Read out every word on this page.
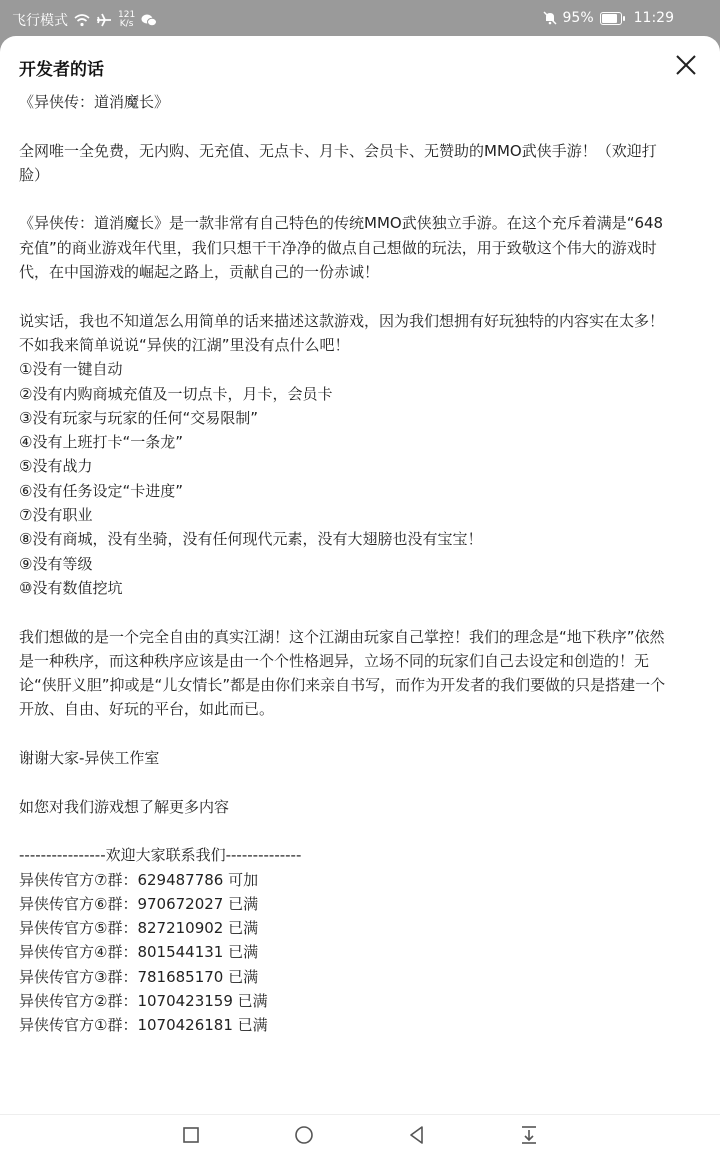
飞行模式	121
K/s	95%	11:29
开发者的话
《异侠传：道消魔长》
全网唯一全免费，无内购、无充值、无点卡、月卡、会员卡、无赞助的MMO武侠手游！（欢迎打
脸）
《异侠传：道消魔长》是一款非常有自己特色的传统MMO武侠独立手游。在这个充斥着满是“648
充值”的商业游戏年代里，我们只想干干净净的做点自己想做的玩法，用于致敬这个伟大的游戏时
代，在中国游戏的崛起之路上，贡献自己的一份赤诚！
说实话，我也不知道怎么用简单的话来描述这款游戏，因为我们想拥有好玩独特的内容实在太多！
不如我来简单说说“异侠的江湖”里没有点什么吧！
①没有一键自动
②没有内购商城充值及一切点卡，月卡，会员卡
③没有玩家与玩家的任何“交易限制”
④没有上班打卡“一条龙”
⑤没有战力
⑥没有任务设定“卡进度”
⑦没有职业
⑧没有商城，没有坐骑，没有任何现代元素，没有大翅膀也没有宝宝！
⑨没有等级
⑩没有数值挖坑
我们想做的是一个完全自由的真实江湖！这个江湖由玩家自己掌控！我们的理念是“地下秩序”依然
是一种秩序，而这种秩序应该是由一个个性格迥异，立场不同的玩家们自己去设定和创造的！无
论“侠肝义胆”抑或是“儿女情长”都是由你们来亲自书写，而作为开发者的我们要做的只是搭建一个
开放、自由、好玩的平台，如此而已。
谢谢大家-异侠工作室
如您对我们游戏想了解更多内容
----------------欢迎大家联系我们--------------
异侠传官方⑦群：629487786 可加
异侠传官方⑥群：970672027 已满
异侠传官方⑤群：827210902 已满
异侠传官方④群：801544131 已满
异侠传官方③群：781685170 已满
异侠传官方②群：1070423159 已满
异侠传官方①群：1070426181 已满
